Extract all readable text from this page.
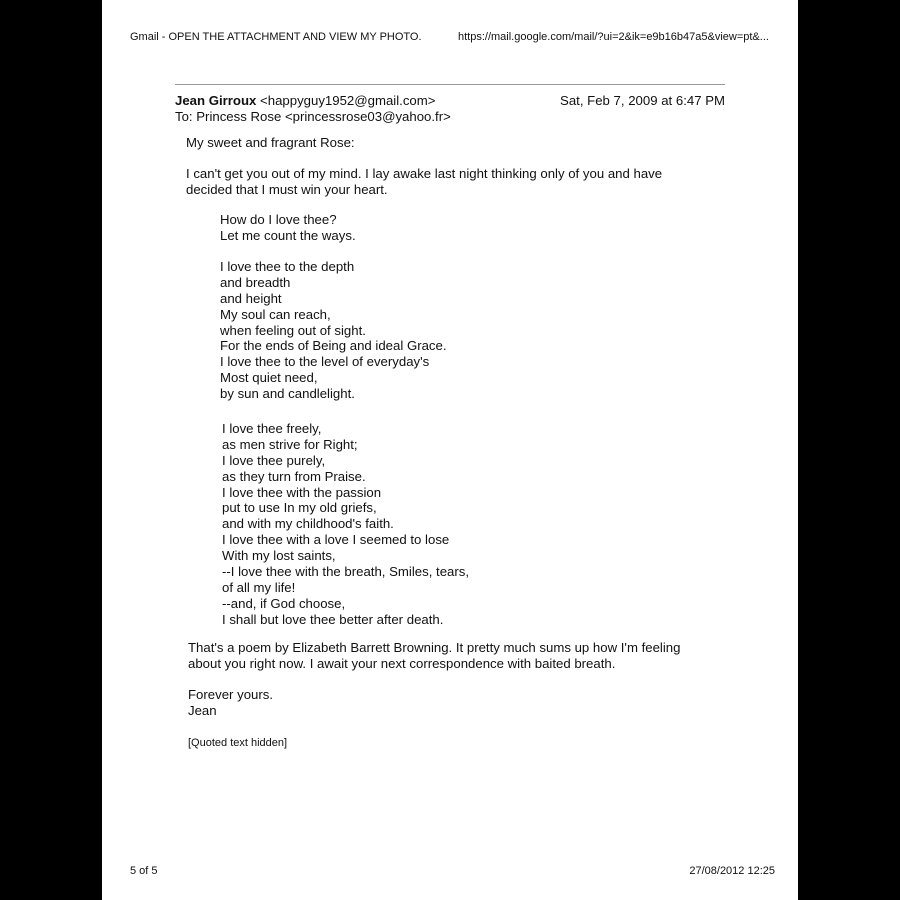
Gmail - OPEN THE ATTACHMENT AND VIEW MY PHOTO.	https://mail.google.com/mail/?ui=2&ik=e9b16b47a5&view=pt&...
Jean Girroux <happyguy1952@gmail.com>	Sat, Feb 7, 2009 at 6:47 PM
To: Princess Rose <princessrose03@yahoo.fr>
My sweet and fragrant Rose:
I can't get you out of my mind. I lay awake last night thinking only of you and have
decided that I must win your heart.
How do I love thee?
Let me count the ways.
I love thee to the depth
and breadth
and height
My soul can reach,
when feeling out of sight.
For the ends of Being and ideal Grace.
I love thee to the level of everyday's
Most quiet need,
by sun and candlelight.
I love thee freely,
as men strive for Right;
I love thee purely,
as they turn from Praise.
I love thee with the passion
put to use In my old griefs,
and with my childhood's faith.
I love thee with a love I seemed to lose
With my lost saints,
--I love thee with the breath, Smiles, tears,
of all my life!
--and, if God choose,
I shall but love thee better after death.
That's a poem by Elizabeth Barrett Browning. It pretty much sums up how I'm feeling
about you right now. I await your next correspondence with baited breath.
Forever yours.
Jean
[Quoted text hidden]
5 of 5	27/08/2012 12:25
